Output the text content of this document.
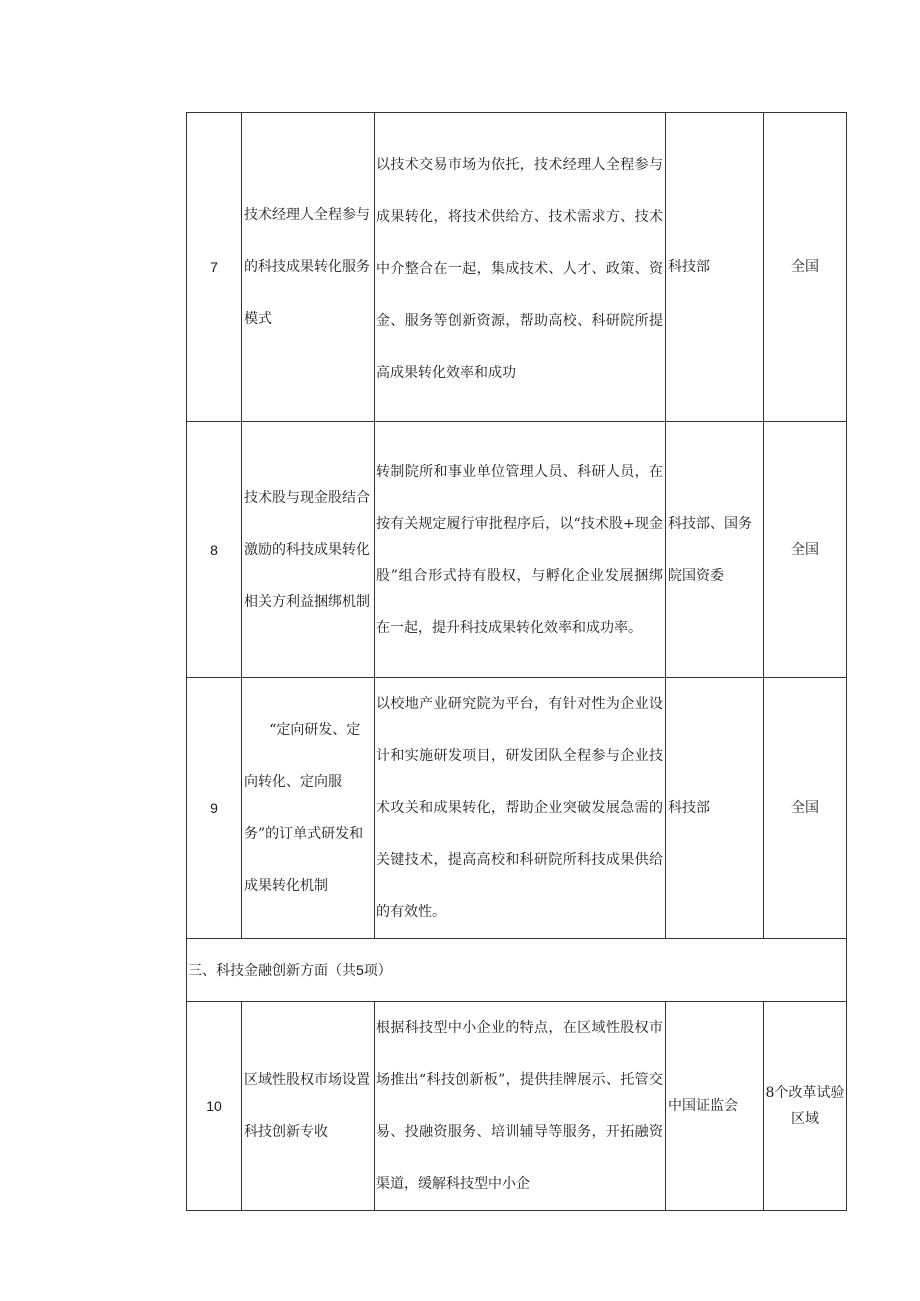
7	技术经理人全程参与的科技成果转化服务模式	以技术交易市场为依托，技术经理人全程参与成果转化，将技术供给方、技术需求方、技术中介整合在一起，集成技术、人才、政策、资金、服务等创新资源，帮助高校、科研院所提高成果转化效率和成功	科技部	全国
8	技术股与现金股结合激励的科技成果转化相关方利益捆绑机制	转制院所和事业单位管理人员、科研人员，在按有关规定履行审批程序后，以“技术股+现金股”组合形式持有股权，与孵化企业发展捆绑在一起，提升科技成果转化效率和成功率。	科技部、国务院国资委	全国
9	“定向研发、定向转化、定向服务”的订单式研发和成果转化机制	以校地产业研究院为平台，有针对性为企业设计和实施研发项目，研发团队全程参与企业技术攻关和成果转化，帮助企业突破发展急需的关键技术，提高高校和科研院所科技成果供给的有效性。	科技部	全国
三、科技金融创新方面（共5项）				
10	区域性股权市场设置科技创新专收	根据科技型中小企业的特点，在区域性股权市场推出“科技创新板”，提供挂牌展示、托管交易、投融资服务、培训辅导等服务，开拓融资渠道，缓解科技型中小企	中国证监会	8个改革试验区域
